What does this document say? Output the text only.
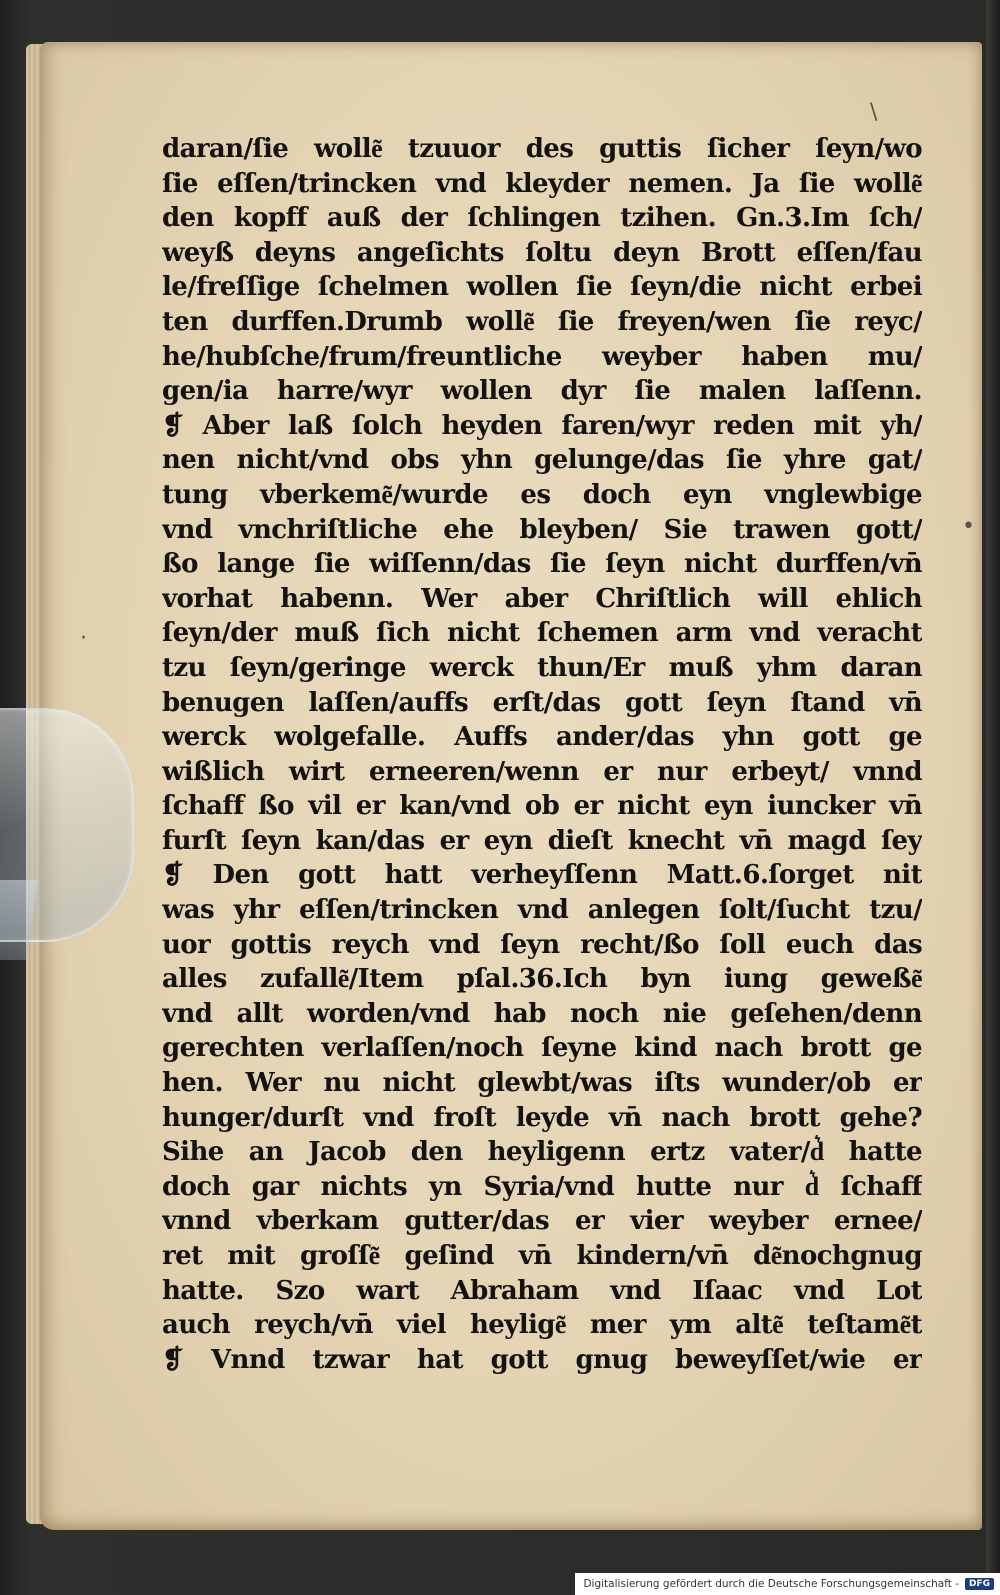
daran/ſie wolle͂ tzuuor des guttis ſicher ſeyn/wo
ſie eſſen/trincken vnd kleyder nemen. Ja ſie wolle͂
den kopff auß der ſchlingen tzihen. Gn.3.Im ſch/
weyß deyns angeſichts ſoltu deyn Brott eſſen/fau
le/freſſige ſchelmen wollen ſie ſeyn/die nicht erbei
ten durffen.Drumb wolle͂ ſie freyen/wen ſie reyc/
he/hubſche/frum/freuntliche weyber haben mu/
gen/ia harre/wyr wollen dyr ſie malen laſſenn.
❡ Aber laß ſolch heyden faren/wyr reden mit yh/
nen nicht/vnd obs yhn gelunge/das ſie yhre gat/
tung vberkeme͂/wurde es doch eyn vnglewbige
vnd vnchriſtliche ehe bleyben/ Sie trawen gott/
ßo lange ſie wiſſenn/das ſie ſeyn nicht durffen/vn̄
vorhat habenn. Wer aber Chriſtlich will ehlich
ſeyn/der muß ſich nicht ſchemen arm vnd veracht
tzu ſeyn/geringe werck thun/Er muß yhm daran
benugen laſſen/auffs erſt/das gott ſeyn ſtand vn̄
werck wolgefalle. Auffs ander/das yhn gott ge
wißlich wirt erneeren/wenn er nur erbeyt/ vnnd
ſchaff ßo vil er kan/vnd ob er nicht eyn iuncker vn̄
furſt ſeyn kan/das er eyn dieſt knecht vn̄ magd ſey
❡ Den gott hatt verheyſſenn Matt.6.ſorget nit
was yhr eſſen/trincken vnd anlegen ſolt/ſucht tzu/
uor gottis reych vnd ſeyn recht/ßo ſoll euch das
alles zufalle͂/Item pſal.36.Ich byn iung geweße͂
vnd allt worden/vnd hab noch nie geſehen/denn
gerechten verlaſſen/noch ſeyne kind nach brott ge
hen. Wer nu nicht glewbt/was iſts wunder/ob er
hunger/durſt vnd froſt leyde vn̄ nach brott gehe?
Sihe an Jacob den heyligenn ertz vater/d͛ hatte
doch gar nichts yn Syria/vnd hutte nur d͛ ſchaff
vnnd vberkam gutter/das er vier weyber ernee/
ret mit groſſe͂ geſind vn̄ kindern/vn̄ de͂nochgnug
hatte. Szo wart Abraham vnd Iſaac vnd Lot
auch reych/vn̄ viel heylige͂ mer ym alte͂ teſtame͂t
❡ Vnnd tzwar hat gott gnug beweyſſet/wie er
\
•
·
Digitalisierung gefördert durch die Deutsche Forschungsgemeinschaft -	DFG
